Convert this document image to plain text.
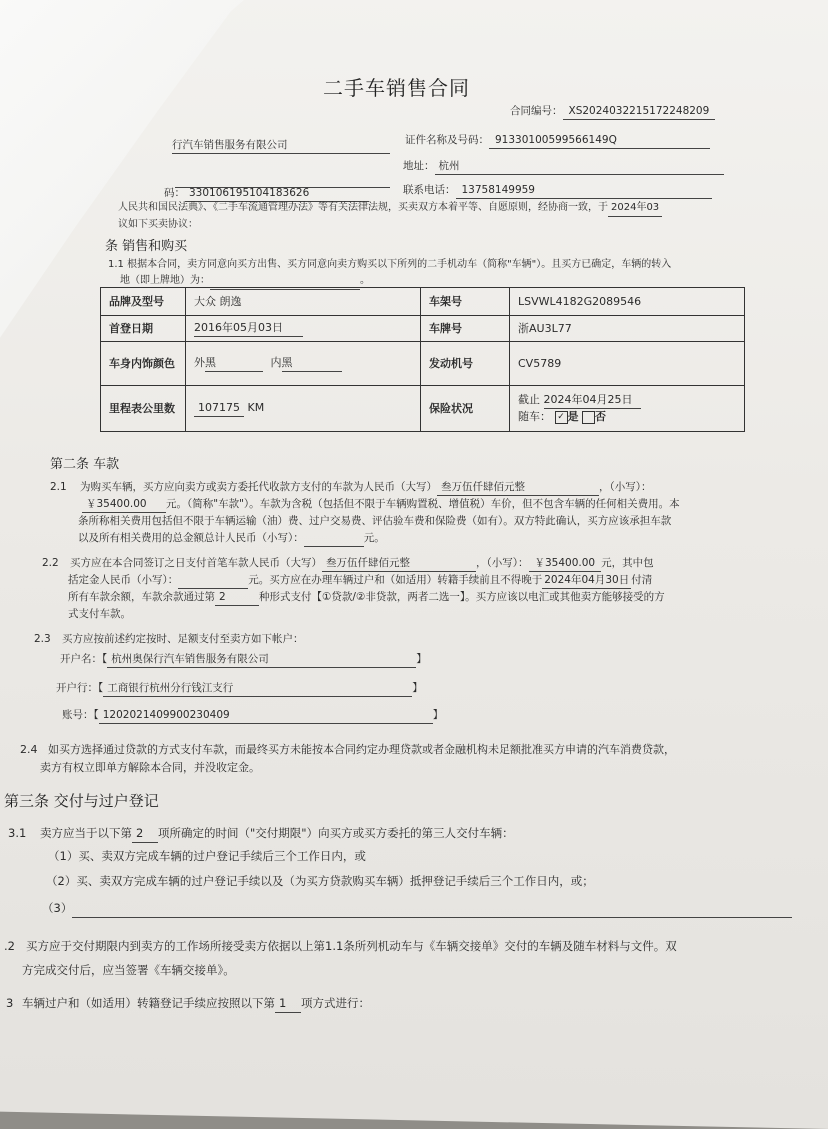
二手车销售合同
合同编号： XS2024032215172248209
行汽车销售服务有限公司	证件名称及号码： 91330100599566149Q

地址： 杭州
码： 330106195104183626	联系电话： 13758149959
人民共和国民法典》、《二手车流通管理办法》等有关法律法规，买卖双方本着平等、自愿原则，经协商一致，于 2024年03
议如下买卖协议：
条 销售和购买
1.1 根据本合同，卖方同意向买方出售、买方同意向卖方购买以下所列的二手机动车（简称"车辆"）。且买方已确定，车辆的转入
地（即上牌地）为：	。
品牌及型号	大众 朗逸	车架号	LSVWL4182G2089546
首登日期	2016年05月03日	车牌号	浙AU3L77
车身内饰颜色	外黑 内黑	发动机号	CV5789
里程表公里数	107175 KM	保险状况	截止 2024年04月25日
随车： ✓ 是 否
第二条 车款
2.1 为购买车辆，买方应向卖方或卖方委托代收款方支付的车款为人民币（大写） 叁万伍仟肆佰元整	，（小写）：
￥35400.00 元。（简称"车款"）。车款为含税（包括但不限于车辆购置税、增值税）车价，但不包含车辆的任何相关费用。本
条所称相关费用包括但不限于车辆运输（油）费、过户交易费、评估验车费和保险费（如有）。双方特此确认，买方应该承担车款
以及所有相关费用的总金额总计人民币（小写）：	元。
2.2 买方应在本合同签订之日支付首笔车款人民币（大写） 叁万伍仟肆佰元整	，（小写）： ￥35400.00 元，其中包
括定金人民币（小写）：	元。买方应在办理车辆过户和（如适用）转籍手续前且不得晚于 2024年04月30日 付清
所有车款余额，车款余款通过第 2	种形式支付【①贷款/②非贷款，两者二选一】。买方应该以电汇或其他卖方能够接受的方
式支付车款。
2.3 买方应按前述约定按时、足额支付至卖方如下帐户：
开户名：【 杭州奥保行汽车销售服务有限公司	】
开户行：【 工商银行杭州分行钱江支行	】
账号：【 1202021409900230409	】
2.4 如买方选择通过贷款的方式支付车款，而最终买方未能按本合同约定办理贷款或者金融机构未足额批准买方申请的汽车消费贷款，
卖方有权立即单方解除本合同，并没收定金。
第三条 交付与过户登记
3.1 卖方应当于以下第 2 项所确定的时间（"交付期限"）向买方或买方委托的第三人交付车辆：
（1）买、卖双方完成车辆的过户登记手续后三个工作日内，或
（2）买、卖双方完成车辆的过户登记手续以及（为买方贷款购买车辆）抵押登记手续后三个工作日内，或；
（3）
.2 买方应于交付期限内到卖方的工作场所接受卖方依据以上第1.1条所列机动车与《车辆交接单》交付的车辆及随车材料与文件。双
方完成交付后，应当签署《车辆交接单》。
3 车辆过户和（如适用）转籍登记手续应按照以下第 1 项方式进行：
